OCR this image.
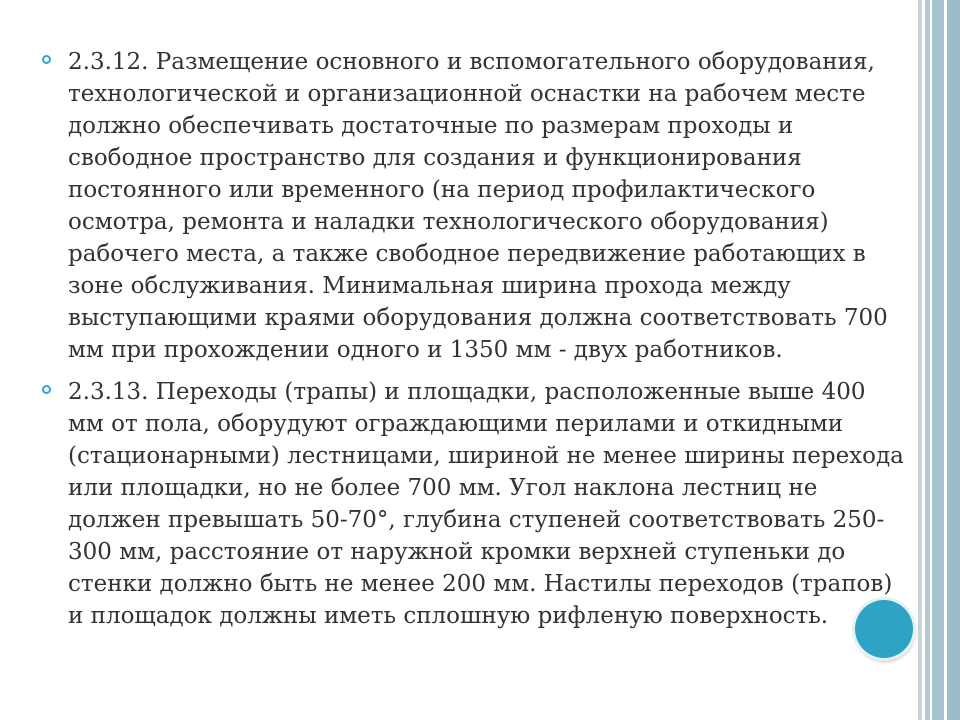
2.3.12. Размещение основного и вспомогательного оборудования, технологической и организационной оснастки на рабочем месте должно обеспечивать достаточные по размерам проходы и свободное пространство для создания и функционирования постоянного или временного (на период профилактического осмотра, ремонта и наладки технологического оборудования) рабочего места, а также свободное передвижение работающих в зоне обслуживания. Минимальная ширина прохода между выступающими краями оборудования должна соответствовать 700 мм при прохождении одного и 1350 мм - двух работников.

2.3.13. Переходы (трапы) и площадки, расположенные выше 400 мм от пола, оборудуют ограждающими перилами и откидными (стационарными) лестницами, шириной не менее ширины перехода или площадки, но не более 700 мм. Угол наклона лестниц не должен превышать 50-70°, глубина ступеней соответствовать 250-300 мм, расстояние от наружной кромки верхней ступеньки до стенки должно быть не менее 200 мм. Настилы переходов (трапов) и площадок должны иметь сплошную рифленую поверхность.
